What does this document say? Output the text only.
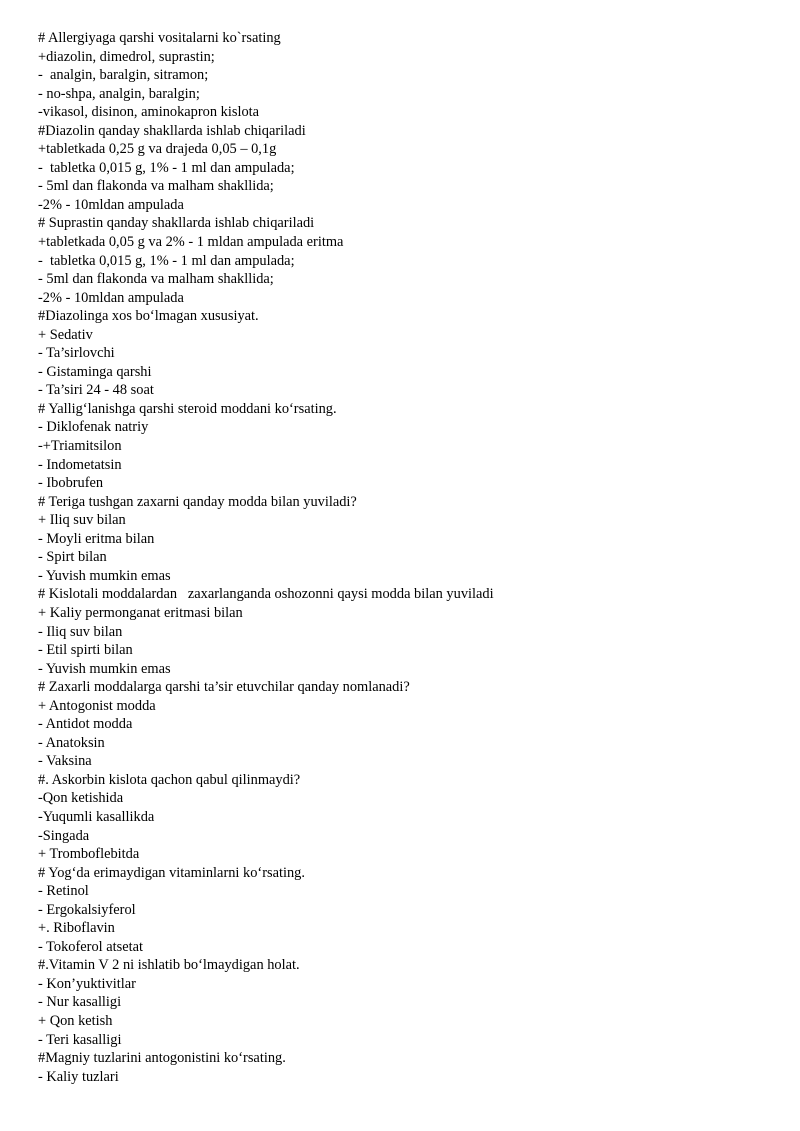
# Allergiyaga qarshi vositalarni ko`rsating
+diazolin, dimedrol, suprastin;
-  analgin, baralgin, sitramon;
- no-shpa, analgin, baralgin;
-vikasol, disinon, aminokapron kislota
#Diazolin qanday shakllarda ishlab chiqariladi
+tabletkada 0,25 g va drajeda 0,05 – 0,1g
-  tabletka 0,015 g, 1% - 1 ml dan ampulada;
- 5ml dan flakonda va malham shakllida;
-2% - 10mldan ampulada
# Suprastin qanday shakllarda ishlab chiqariladi
+tabletkada 0,05 g va 2% - 1 mldan ampulada eritma
-  tabletka 0,015 g, 1% - 1 ml dan ampulada;
- 5ml dan flakonda va malham shakllida;
-2% - 10mldan ampulada
#Diazolinga xos bo‘lmagan xususiyat.
+ Sedativ
- Ta’sirlovchi
- Gistaminga qarshi
- Ta’siri 24 - 48 soat
# Yallig‘lanishga qarshi steroid moddani ko‘rsating.
- Diklofenak natriy
-+Triamitsilon
- Indometatsin
- Ibobrufen
# Teriga tushgan zaxarni qanday modda bilan yuviladi?
+ Iliq suv bilan
- Moyli eritma bilan
- Spirt bilan
- Yuvish mumkin emas
# Kislotali moddalardan   zaxarlanganda oshozonni qaysi modda bilan yuviladi
+ Kaliy permonganat eritmasi bilan
- Iliq suv bilan
- Etil spirti bilan
- Yuvish mumkin emas
# Zaxarli moddalarga qarshi ta’sir etuvchilar qanday nomlanadi?
+ Antogonist modda
- Antidot modda
- Anatoksin
- Vaksina
#. Askorbin kislota qachon qabul qilinmaydi?
-Qon ketishida
-Yuqumli kasallikda
-Singada
+ Tromboflebitda
# Yog‘da erimaydigan vitaminlarni ko‘rsating.
- Retinol
- Ergokalsiyferol
+. Riboflavin
- Tokoferol atsetat
#.Vitamin V 2 ni ishlatib bo‘lmaydigan holat.
- Kon’yuktivitlar
- Nur kasalligi
+ Qon ketish
- Teri kasalligi
#Magniy tuzlarini antogonistini ko‘rsating.
- Kaliy tuzlari
